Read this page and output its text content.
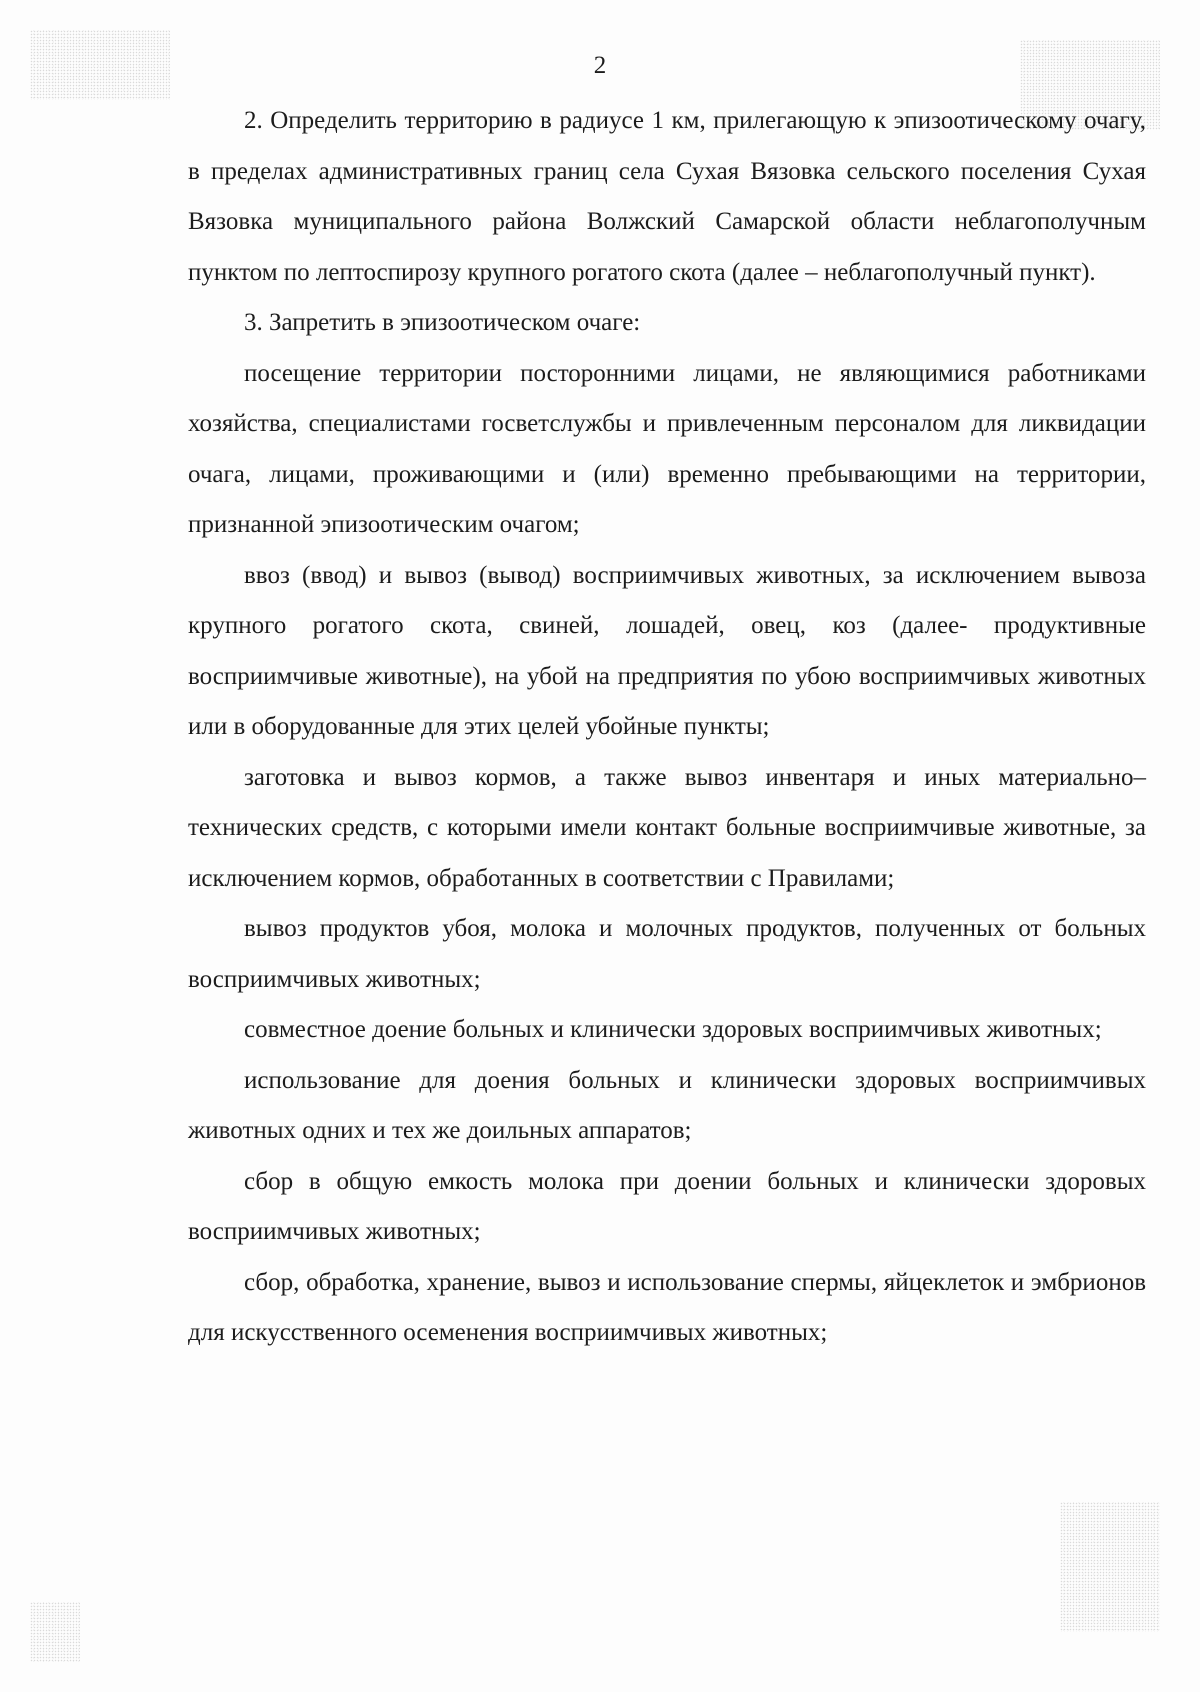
2

2. Определить территорию в радиусе 1 км, прилегающую к эпизоотическому очагу, в пределах административных границ села Сухая Вязовка сельского поселения Сухая Вязовка муниципального района Волжский Самарской области неблагополучным пунктом по лептоспирозу крупного рогатого скота (далее – неблагополучный пункт).

3. Запретить в эпизоотическом очаге:

посещение территории посторонними лицами, не являющимися работниками хозяйства, специалистами госветслужбы и привлеченным персоналом для ликвидации очага, лицами, проживающими и (или) временно пребывающими на территории, признанной эпизоотическим очагом;

ввоз (ввод) и вывоз (вывод) восприимчивых животных, за исключением вывоза крупного рогатого скота, свиней, лошадей, овец, коз (далее- продуктивные восприимчивые животные), на убой на предприятия по убою восприимчивых животных или в оборудованные для этих целей убойные пункты;

заготовка и вывоз кормов, а также вывоз инвентаря и иных материально–технических средств, с которыми имели контакт больные восприимчивые животные, за исключением кормов, обработанных в соответствии с Правилами;

вывоз продуктов убоя, молока и молочных продуктов, полученных от больных восприимчивых животных;

совместное доение больных и клинически здоровых восприимчивых животных;

использование для доения больных и клинически здоровых восприимчивых животных одних и тех же доильных аппаратов;

сбор в общую емкость молока при доении больных и клинически здоровых восприимчивых животных;

сбор, обработка, хранение, вывоз и использование спермы, яйцеклеток и эмбрионов для искусственного осеменения восприимчивых животных;
